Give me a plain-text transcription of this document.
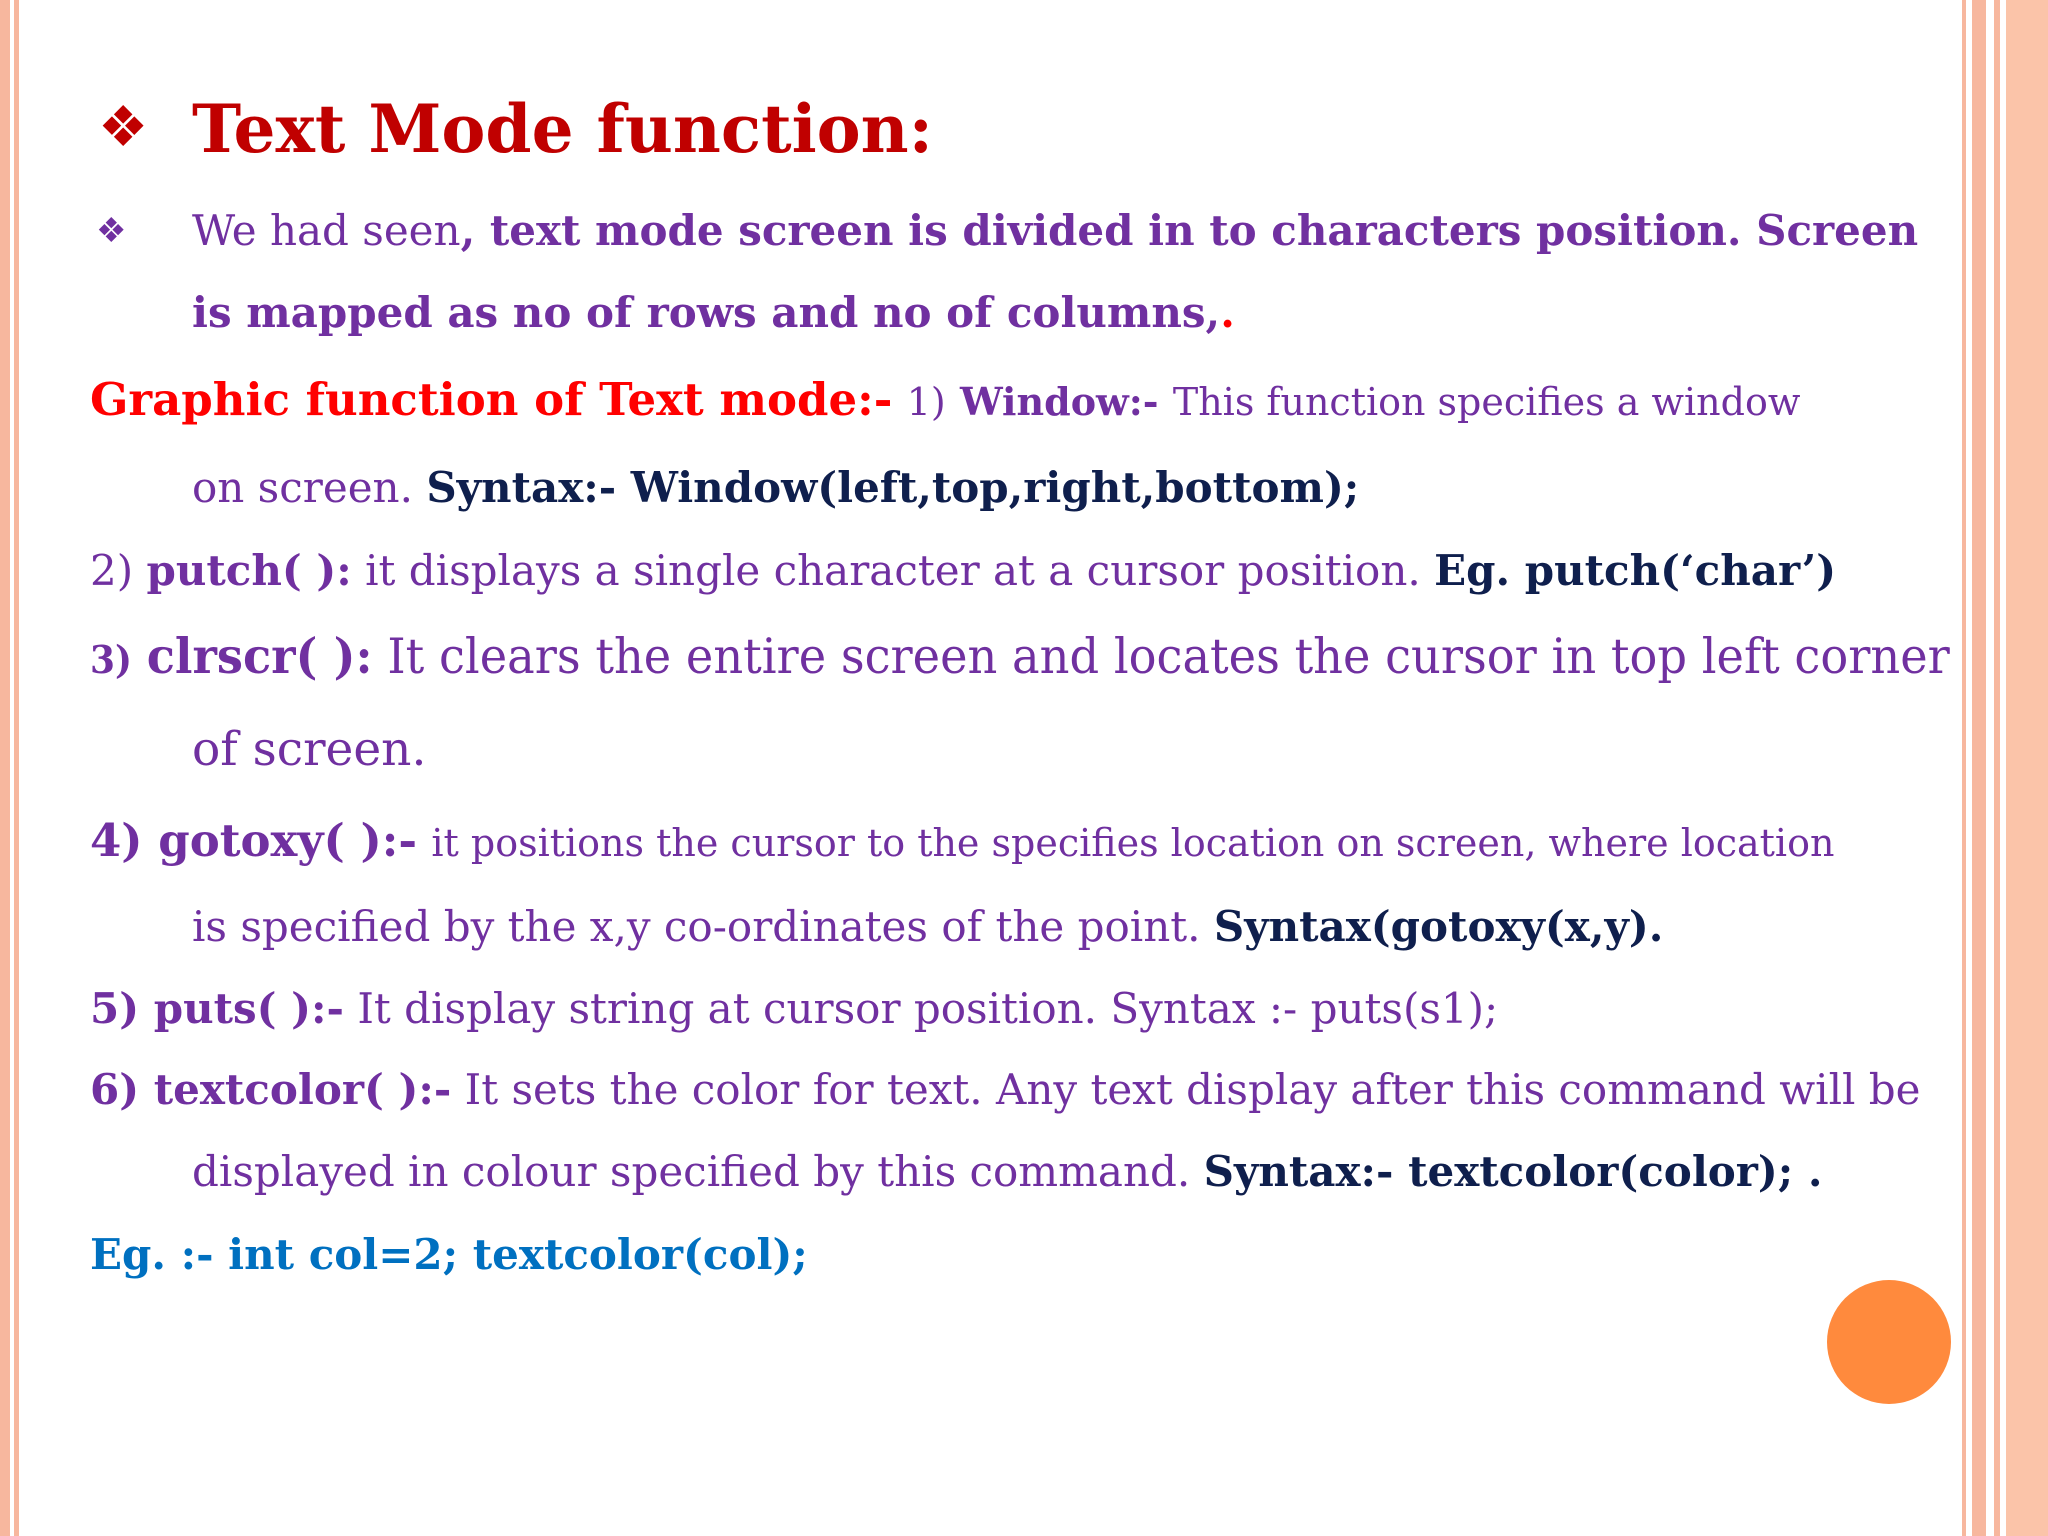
❖ Text Mode function:
❖ We had seen, text mode screen is divided in to characters position. Screen
is mapped as no of rows and no of columns,.
Graphic function of Text mode:- 1) Window:- This function specifies a window
on screen. Syntax:- Window(left,top,right,bottom);
2) putch( ): it displays a single character at a cursor position. Eg. putch(‘char’)
3) clrscr( ): It clears the entire screen and locates the cursor in top left corner
of screen.
4) gotoxy( ):- it positions the cursor to the specifies location on screen, where location
is specified by the x,y co-ordinates of the point. Syntax(gotoxy(x,y).
5) puts( ):- It display string at cursor position. Syntax :- puts(s1);
6) textcolor( ):- It sets the color for text. Any text display after this command will be
displayed in colour specified by this command. Syntax:- textcolor(color); .
Eg. :- int col=2; textcolor(col);
